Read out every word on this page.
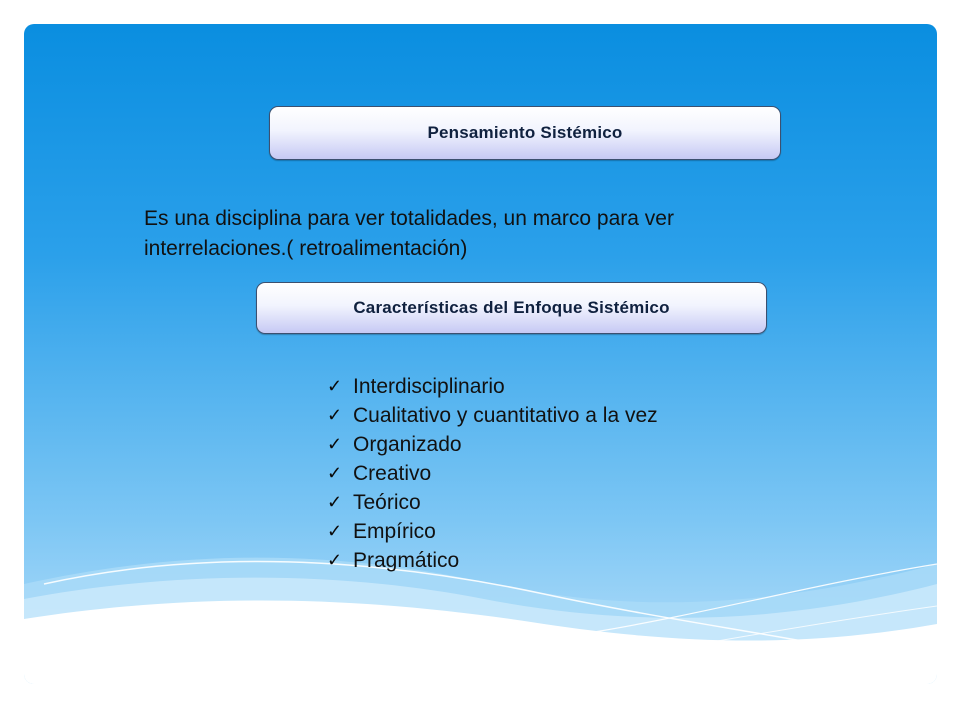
Pensamiento Sistémico
Es una disciplina para ver totalidades, un marco para ver
interrelaciones.( retroalimentación)
Características del Enfoque Sistémico
✓ Interdisciplinario
✓ Cualitativo y cuantitativo a la vez
✓ Organizado
✓ Creativo
✓ Teórico
✓ Empírico
✓ Pragmático
